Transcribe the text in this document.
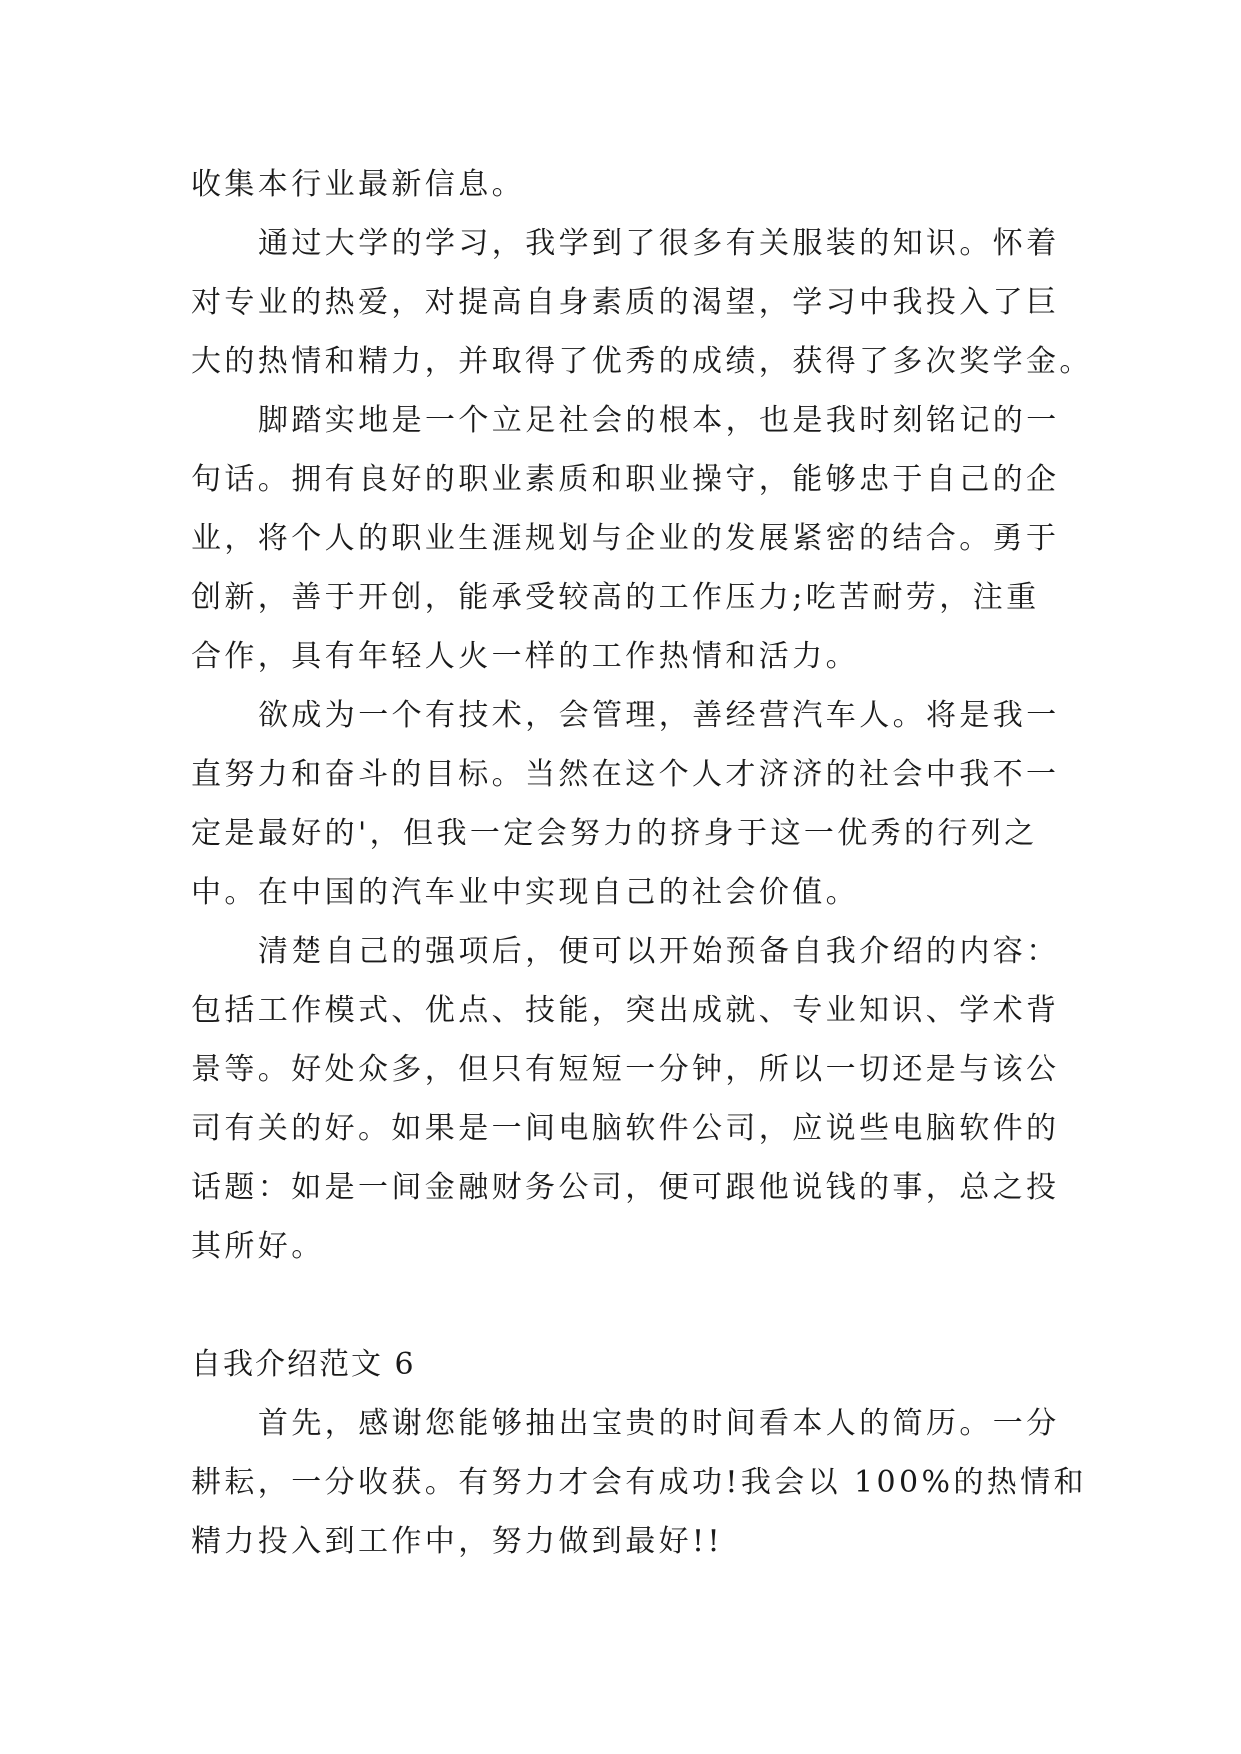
收集本行业最新信息。
通过大学的学习，我学到了很多有关服装的知识。怀着
对专业的热爱，对提高自身素质的渴望，学习中我投入了巨
大的热情和精力，并取得了优秀的成绩，获得了多次奖学金。
脚踏实地是一个立足社会的根本，也是我时刻铭记的一
句话。拥有良好的职业素质和职业操守，能够忠于自己的企
业，将个人的职业生涯规划与企业的发展紧密的结合。勇于
创新，善于开创，能承受较高的工作压力;吃苦耐劳，注重
合作，具有年轻人火一样的工作热情和活力。
欲成为一个有技术，会管理，善经营汽车人。将是我一
直努力和奋斗的目标。当然在这个人才济济的社会中我不一
定是最好的'，但我一定会努力的挤身于这一优秀的行列之
中。在中国的汽车业中实现自己的社会价值。
清楚自己的强项后，便可以开始预备自我介绍的内容：
包括工作模式、优点、技能，突出成就、专业知识、学术背
景等。好处众多，但只有短短一分钟，所以一切还是与该公
司有关的好。如果是一间电脑软件公司，应说些电脑软件的
话题：如是一间金融财务公司，便可跟他说钱的事，总之投
其所好。
自我介绍范文 6
首先，感谢您能够抽出宝贵的时间看本人的简历。一分
耕耘，一分收获。有努力才会有成功!我会以 100%的热情和
精力投入到工作中，努力做到最好!!
